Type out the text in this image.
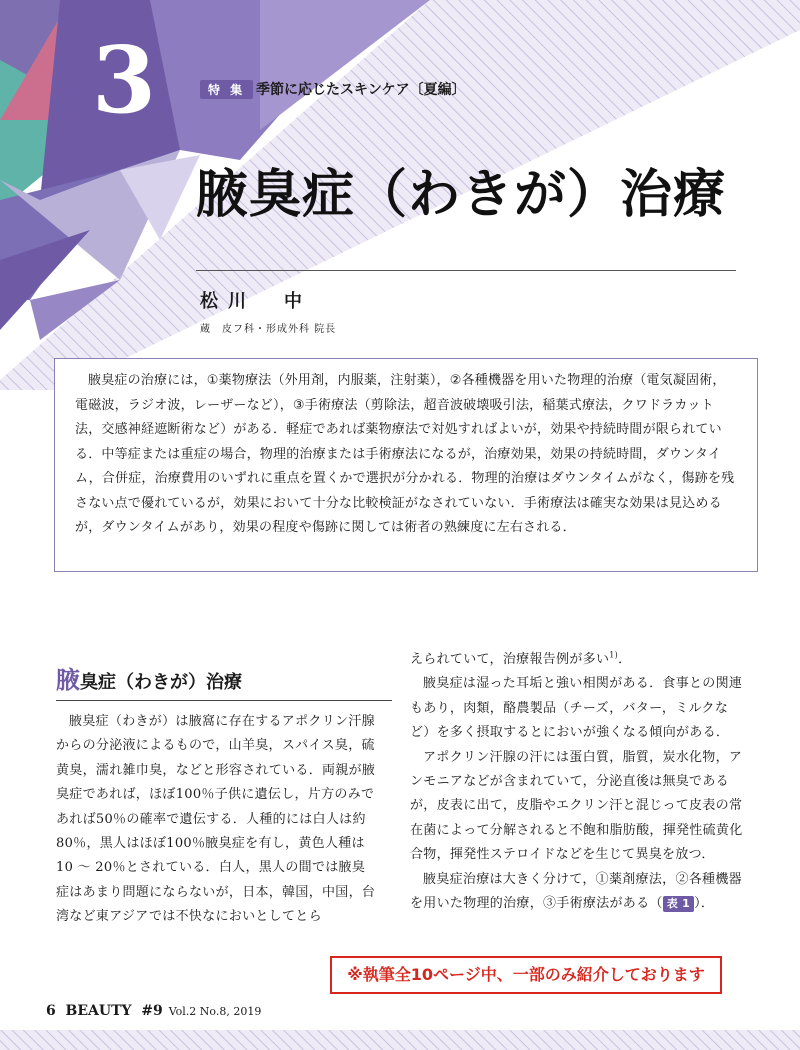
3	特 集 季節に応じたスキンケア〔夏編〕
腋臭症（わきが）治療
松川　中
蔵　皮フ科・形成外科 院長

腋臭症の治療には，①薬物療法（外用剤，内服薬，注射薬），②各種機器を用いた物理的治療（電気凝固術，電磁波，ラジオ波，レーザーなど），③手術療法（剪除法，超音波破壊吸引法，稲葉式療法，クワドラカット法，交感神経遮断術など）がある．軽症であれば薬物療法で対処すればよいが，効果や持続時間が限られている．中等症または重症の場合，物理的治療または手術療法になるが，治療効果，効果の持続時間，ダウンタイム，合併症，治療費用のいずれに重点を置くかで選択が分かれる．物理的治療はダウンタイムがなく，傷跡を残さない点で優れているが，効果において十分な比較検証がなされていない．手術療法は確実な効果は見込めるが，ダウンタイムがあり，効果の程度や傷跡に関しては術者の熟練度に左右される．

腋臭症（わきが）治療

腋臭症（わきが）は腋窩に存在するアポクリン汗腺からの分泌液によるもので，山羊臭，スパイス臭，硫黄臭，濡れ雑巾臭，などと形容されている．両親が腋臭症であれば，ほぼ100％子供に遺伝し，片方のみであれば50％の確率で遺伝する．人種的には白人は約80％，黒人はほぼ100％腋臭症を有し，黄色人種は10 ～ 20％とされている．白人，黒人の間では腋臭症はあまり問題にならないが，日本，韓国，中国，台湾など東アジアでは不快なにおいとしてとら

えられていて，治療報告例が多い$^{1)}$．

腋臭症は湿った耳垢と強い相関がある．食事との関連もあり，肉類，酪農製品（チーズ，バター，ミルクなど）を多く摂取するとにおいが強くなる傾向がある．

アポクリン汗腺の汗には蛋白質，脂質，炭水化物，アンモニアなどが含まれていて，分泌直後は無臭であるが，皮表に出て，皮脂やエクリン汗と混じって皮表の常在菌によって分解されると不飽和脂肪酸，揮発性硫黄化合物，揮発性ステロイドなどを生じて異臭を放つ．

腋臭症治療は大きく分けて，①薬剤療法，②各種機器を用いた物理的治療，③手術療法がある（ 表 1 ）．

※執筆全10ページ中、一部のみ紹介しております
6 BEAUTY #9 Vol.2 No.8, 2019
